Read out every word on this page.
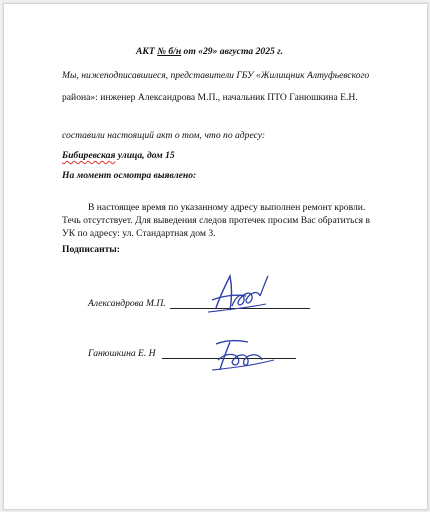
АКТ № б/н от «29» августа 2025 г.
Мы, нижеподписавшиеся, представители ГБУ «Жилищник Алтуфьевского
района»: инженер Александрова М.П., начальник ПТО Ганюшкина Е.Н.
составили настоящий акт о том, что по адресу:
Бибиревская улица, дом 15
На момент осмотра выявлено:
В настоящее время по указанному адресу выполнен ремонт кровли.
Течь отсутствует. Для выведения следов протечек просим Вас обратиться в
УК по адресу: ул. Стандартная дом 3.
Подписанты:
Александрова М.П.
Ганюшкина Е. Н
